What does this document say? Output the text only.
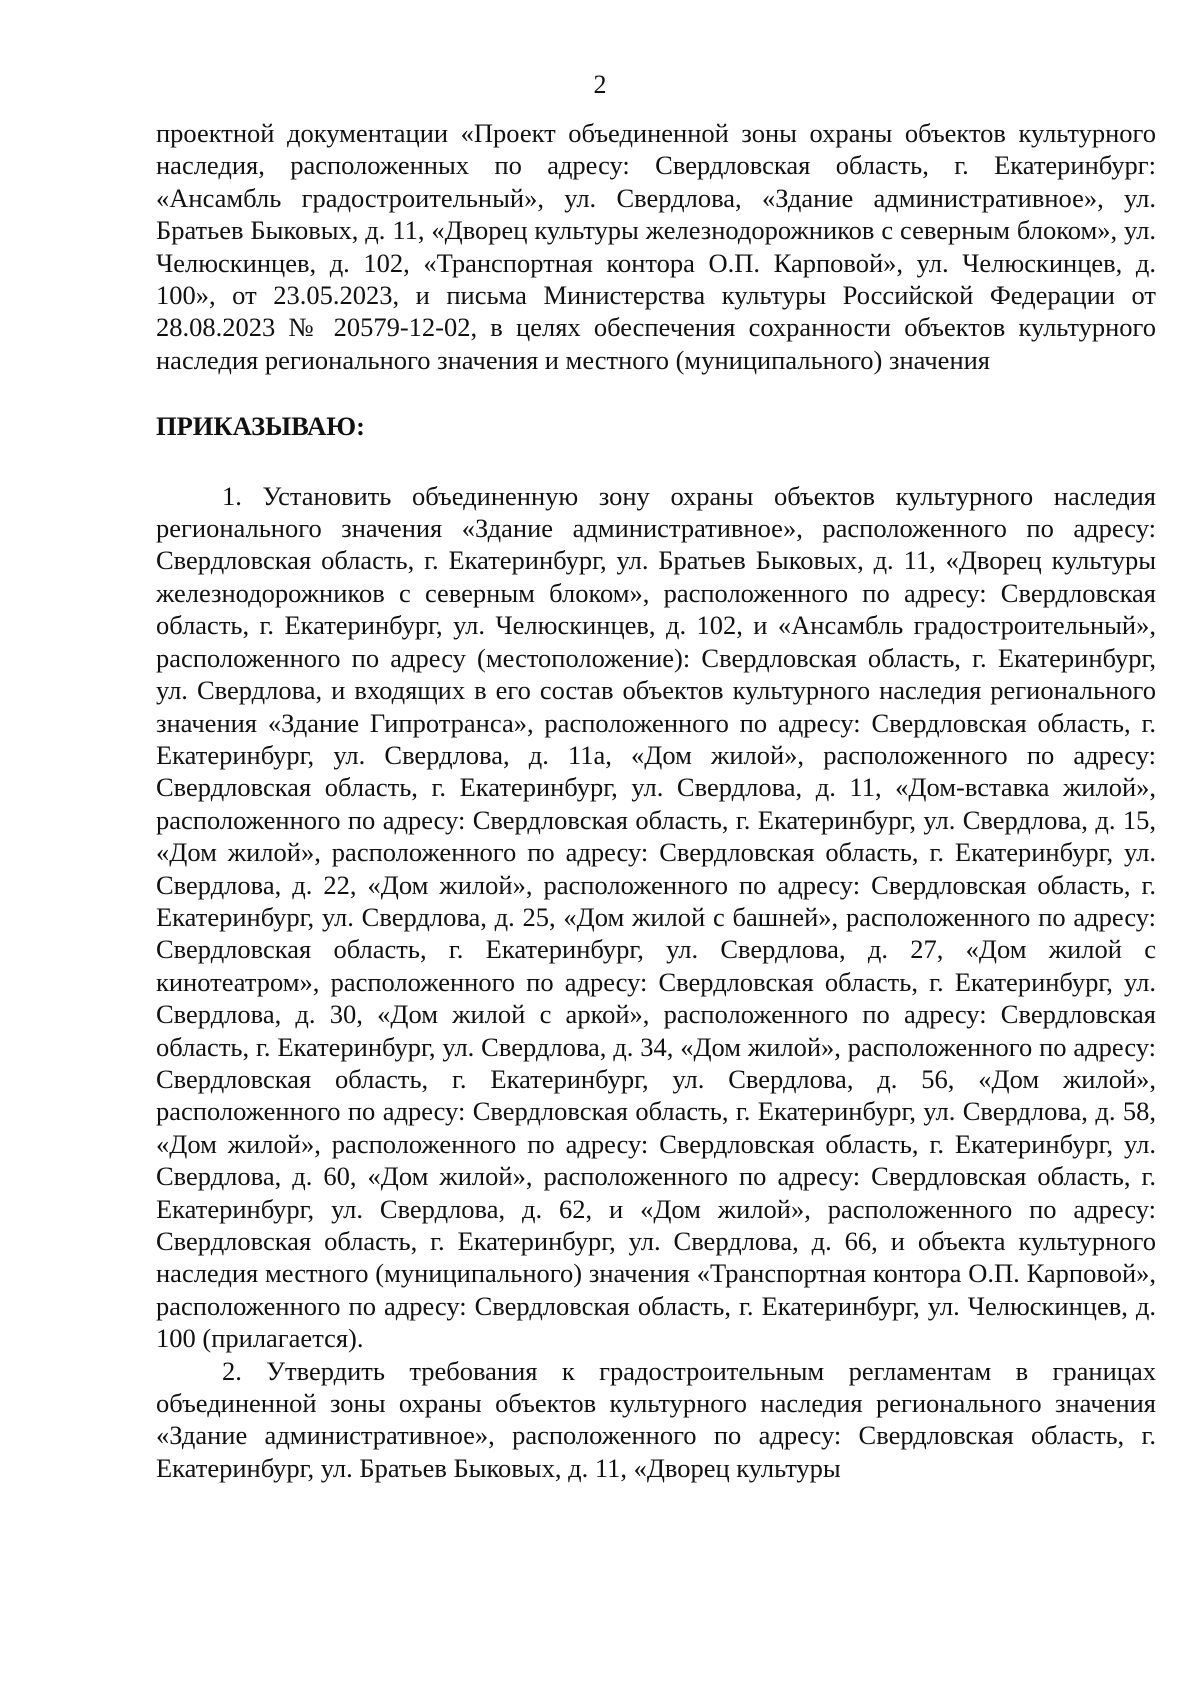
2

проектной документации «Проект объединенной зоны охраны объектов культурного наследия, расположенных по адресу: Свердловская область, г. Екатеринбург: «Ансамбль градостроительный», ул. Свердлова, «Здание административное», ул. Братьев Быковых, д. 11, «Дворец культуры железнодорожников с северным блоком», ул. Челюскинцев, д. 102, «Транспортная контора О.П. Карповой», ул. Челюскинцев, д. 100», от 23.05.2023, и письма Министерства культуры Российской Федерации от 28.08.2023 № 20579-12-02, в целях обеспечения сохранности объектов культурного наследия регионального значения и местного (муниципального) значения

ПРИКАЗЫВАЮ:

1. Установить объединенную зону охраны объектов культурного наследия регионального значения «Здание административное», расположенного по адресу: Свердловская область, г. Екатеринбург, ул. Братьев Быковых, д. 11, «Дворец культуры железнодорожников с северным блоком», расположенного по адресу: Свердловская область, г. Екатеринбург, ул. Челюскинцев, д. 102, и «Ансамбль градостроительный», расположенного по адресу (местоположение): Свердловская область, г. Екатеринбург, ул. Свердлова, и входящих в его состав объектов культурного наследия регионального значения «Здание Гипротранса», расположенного по адресу: Свердловская область, г. Екатеринбург, ул. Свердлова, д. 11а, «Дом жилой», расположенного по адресу: Свердловская область, г. Екатеринбург, ул. Свердлова, д. 11, «Дом-вставка жилой», расположенного по адресу: Свердловская область, г. Екатеринбург, ул. Свердлова, д. 15, «Дом жилой», расположенного по адресу: Свердловская область, г. Екатеринбург, ул. Свердлова, д. 22, «Дом жилой», расположенного по адресу: Свердловская область, г. Екатеринбург, ул. Свердлова, д. 25, «Дом жилой с башней», расположенного по адресу: Свердловская область, г. Екатеринбург, ул. Свердлова, д. 27, «Дом жилой с кинотеатром», расположенного по адресу: Свердловская область, г. Екатеринбург, ул. Свердлова, д. 30, «Дом жилой с аркой», расположенного по адресу: Свердловская область, г. Екатеринбург, ул. Свердлова, д. 34, «Дом жилой», расположенного по адресу: Свердловская область, г. Екатеринбург, ул. Свердлова, д. 56, «Дом жилой», расположенного по адресу: Свердловская область, г. Екатеринбург, ул. Свердлова, д. 58, «Дом жилой», расположенного по адресу: Свердловская область, г. Екатеринбург, ул. Свердлова, д. 60, «Дом жилой», расположенного по адресу: Свердловская область, г. Екатеринбург, ул. Свердлова, д. 62, и «Дом жилой», расположенного по адресу: Свердловская область, г. Екатеринбург, ул. Свердлова, д. 66, и объекта культурного наследия местного (муниципального) значения «Транспортная контора О.П. Карповой», расположенного по адресу: Свердловская область, г. Екатеринбург, ул. Челюскинцев, д. 100 (прилагается).

2. Утвердить требования к градостроительным регламентам в границах объединенной зоны охраны объектов культурного наследия регионального значения «Здание административное», расположенного по адресу: Свердловская область, г. Екатеринбург, ул. Братьев Быковых, д. 11, «Дворец культуры
